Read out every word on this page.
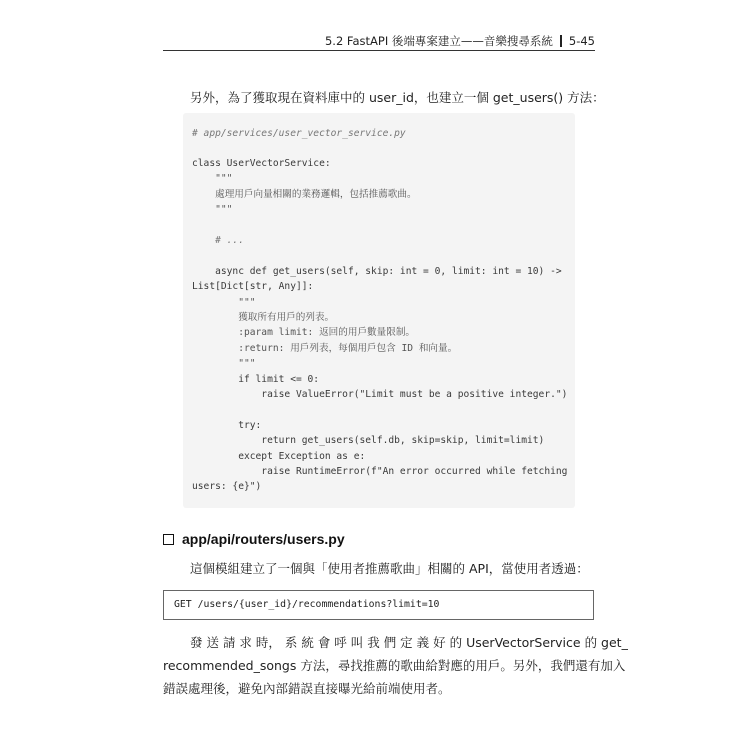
5.2 FastAPI 後端專案建立——音樂搜尋系統 5-45
另外，為了獲取現在資料庫中的 user_id，也建立一個 get_users() 方法：
# app/services/user_vector_service.py
class UserVectorService:
"""
處理用戶向量相關的業務邏輯，包括推薦歌曲。
"""
# ...
async def get_users(self, skip: int = 0, limit: int = 10) ->
List[Dict[str, Any]]:
"""
獲取所有用戶的列表。
:param limit: 返回的用戶數量限制。
:return: 用戶列表，每個用戶包含 ID 和向量。
"""
if limit <= 0:
raise ValueError("Limit must be a positive integer.")
try:
return get_users(self.db, skip=skip, limit=limit)
except Exception as e:
raise RuntimeError(f"An error occurred while fetching
users: {e}")
app/api/routers/users.py
這個模組建立了一個與「使用者推薦歌曲」相關的 API，當使用者透過：
GET /users/{user_id}/recommendations?limit=10
發 送 請 求 時， 系 統 會 呼 叫 我 們 定 義 好 的 UserVectorService 的 get_
recommended_songs 方法，尋找推薦的歌曲給對應的用戶。另外，我們還有加入
錯誤處理後，避免內部錯誤直接曝光給前端使用者。
